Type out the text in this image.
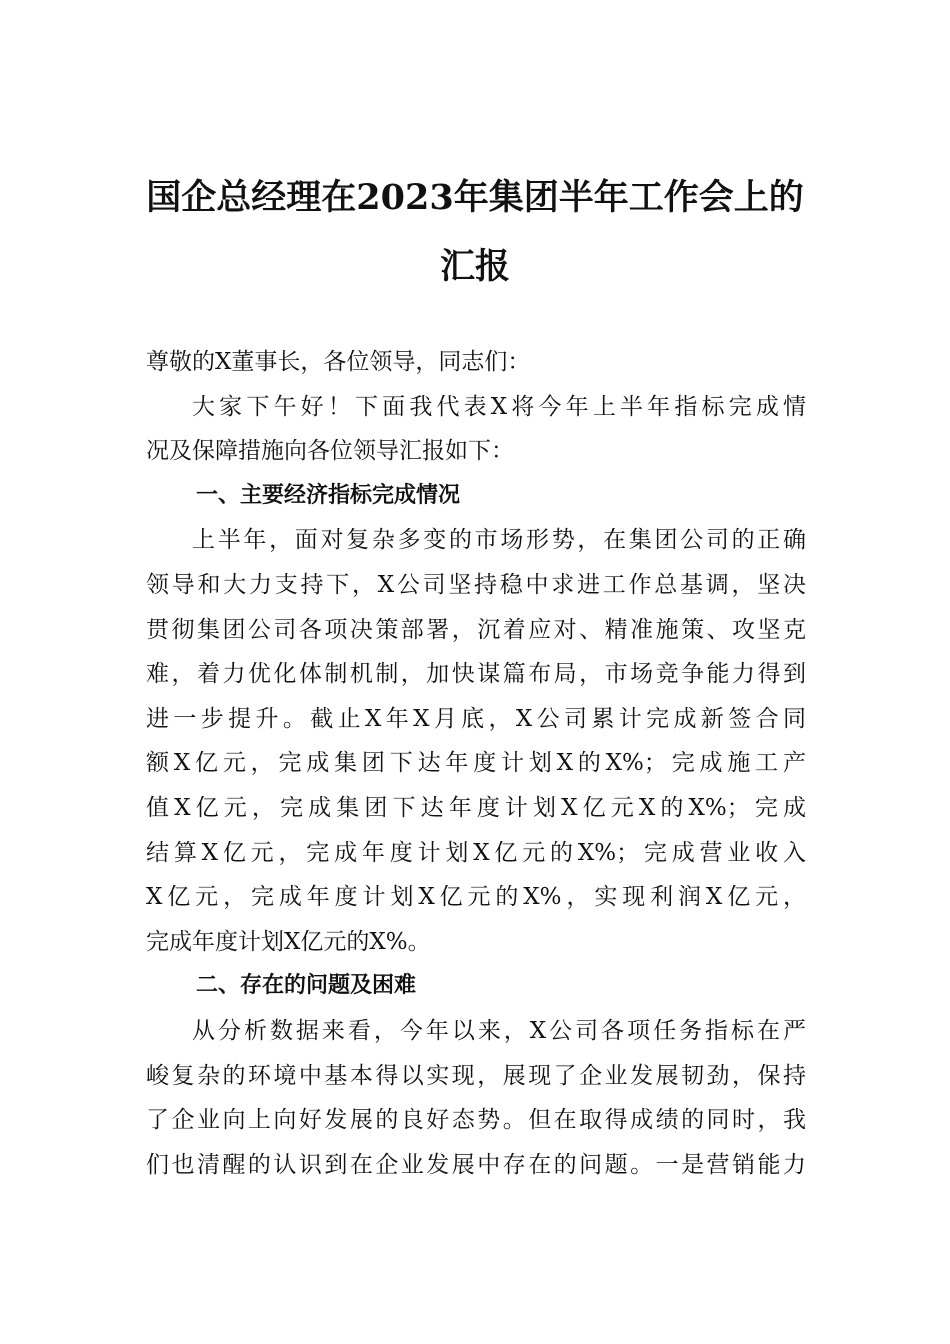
国企总经理在2023年集团半年工作会上的
汇报
尊敬的X董事长，各位领导，同志们：
大家下午好！下面我代表X将今年上半年指标完成情
况及保障措施向各位领导汇报如下：
一、主要经济指标完成情况
上半年，面对复杂多变的市场形势，在集团公司的正确
领导和大力支持下，X公司坚持稳中求进工作总基调，坚决
贯彻集团公司各项决策部署，沉着应对、精准施策、攻坚克
难，着力优化体制机制，加快谋篇布局，市场竞争能力得到
进一步提升。截止X年X月底，X公司累计完成新签合同
额X亿元，完成集团下达年度计划X的X%；完成施工产
值X亿元，完成集团下达年度计划X亿元X的X%；完成
结算X亿元，完成年度计划X亿元的X%；完成营业收入
X亿元，完成年度计划X亿元的X%，实现利润X亿元，
完成年度计划X亿元的X%。
二、存在的问题及困难
从分析数据来看，今年以来，X公司各项任务指标在严
峻复杂的环境中基本得以实现，展现了企业发展韧劲，保持
了企业向上向好发展的良好态势。但在取得成绩的同时，我
们也清醒的认识到在企业发展中存在的问题。一是营销能力
